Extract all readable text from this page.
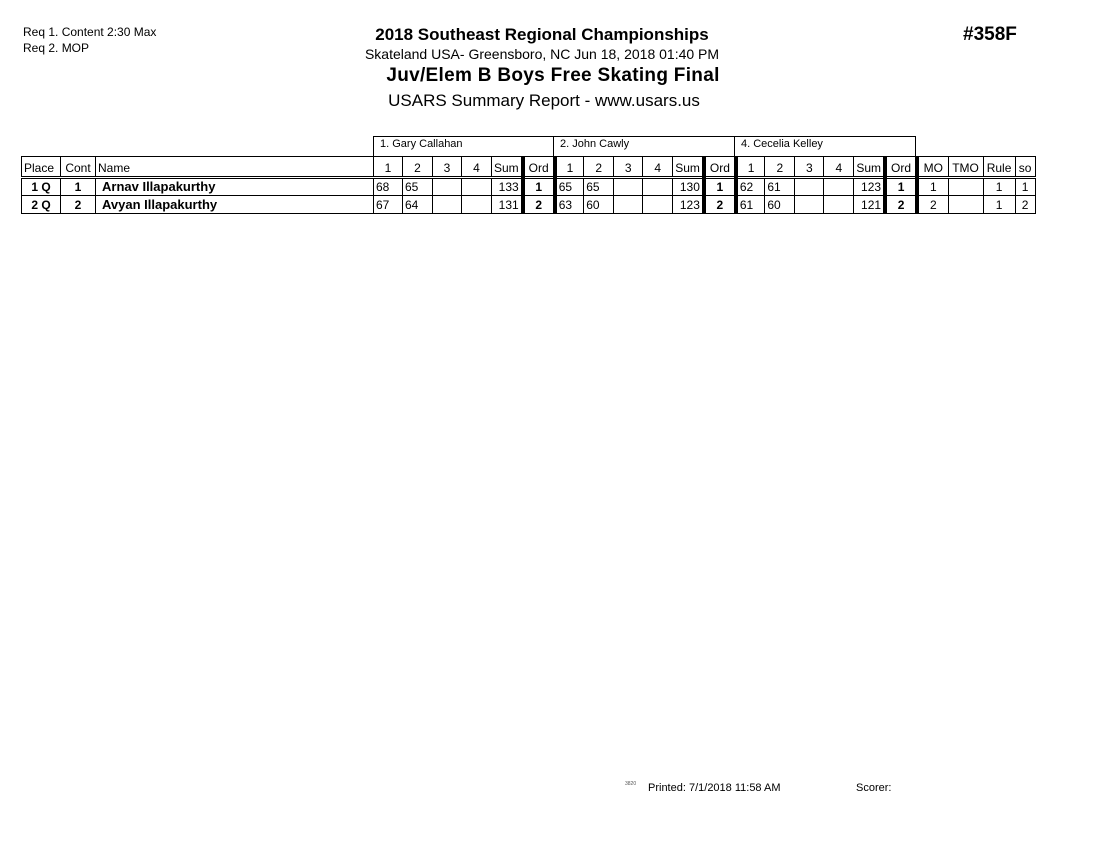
Req 1. Content 2:30 Max
Req 2. MOP
2018 Southeast Regional Championships
Skateland USA- Greensboro, NC Jun 18, 2018 01:40 PM
Juv/Elem B Boys Free Skating Final
USARS Summary Report - www.usars.us
#358F
1. Gary Callahan	2. John Cawly	4. Cecelia Kelley
Place	Cont	Name	1	2	3	4	Sum	Ord	1	2	3	4	Sum	Ord	1	2	3	4	Sum	Ord	MO	TMO	Rule	so
1 Q	1	Arnav Illapakurthy	68	65			133	1	65	65			130	1	62	61			123	1	1		1	1
2 Q	2	Avyan Illapakurthy	67	64			131	2	63	60			123	2	61	60			121	2	2		1	2
3820 Printed: 7/1/2018 11:58 AM	Scorer:
